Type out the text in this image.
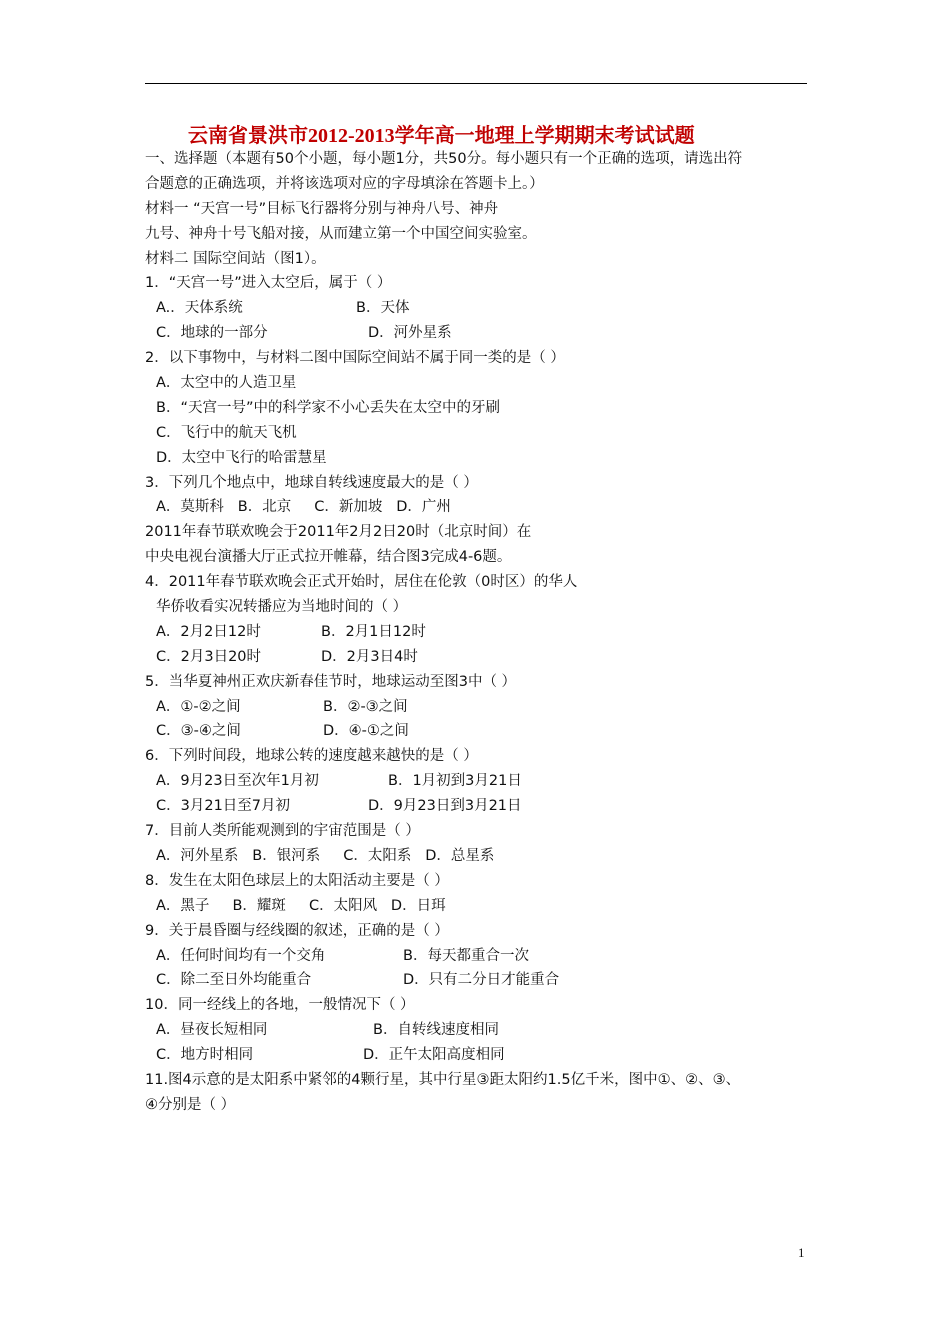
云南省景洪市2012-2013学年高一地理上学期期末考试试题
一、选择题（本题有50个小题，每小题1分，共50分。每小题只有一个正确的选项，请选出符
合题意的正确选项，并将该选项对应的字母填涂在答题卡上。）
材料一 “天宫一号”目标飞行器将分别与神舟八号、神舟
九号、神舟十号飞船对接，从而建立第一个中国空间实验室。
材料二 国际空间站（图1）。
1．“天宫一号”进入太空后，属于（ ）
A.．天体系统	B．天体
C．地球的一部分	D．河外星系
2．以下事物中，与材料二图中国际空间站不属于同一类的是（ ）
A．太空中的人造卫星
B．“天宫一号”中的科学家不小心丢失在太空中的牙刷
C．飞行中的航天飞机
D．太空中飞行的哈雷慧星
3．下列几个地点中，地球自转线速度最大的是（ ）
A．莫斯科   B．北京     C．新加坡   D．广州
2011年春节联欢晚会于2011年2月2日20时（北京时间）在
中央电视台演播大厅正式拉开帷幕，结合图3完成4-6题。
4．2011年春节联欢晚会正式开始时，居住在伦敦（0时区）的华人
华侨收看实况转播应为当地时间的（ ）
A．2月2日12时	B．2月1日12时
C．2月3日20时	D．2月3日4时
5．当华夏神州正欢庆新春佳节时，地球运动至图3中（ ）
A．①-②之间	B．②-③之间
C．③-④之间	D．④-①之间
6．下列时间段，地球公转的速度越来越快的是（ ）
A．9月23日至次年1月初	B．1月初到3月21日
C．3月21日至7月初	D．9月23日到3月21日
7．目前人类所能观测到的宇宙范围是（ ）
A．河外星系   B．银河系     C．太阳系   D．总星系
8．发生在太阳色球层上的太阳活动主要是（ ）
A．黑子     B．耀斑     C．太阳风   D．日珥
9．关于晨昏圈与经线圈的叙述，正确的是（ ）
A．任何时间均有一个交角	B．每天都重合一次
C．除二至日外均能重合	D．只有二分日才能重合
10．同一经线上的各地，一般情况下（ ）
A．昼夜长短相同	B．自转线速度相同
C．地方时相同	D．正午太阳高度相同
11.图4示意的是太阳系中紧邻的4颗行星，其中行星③距太阳约1.5亿千米，图中①、②、③、
④分别是（ ）
1
